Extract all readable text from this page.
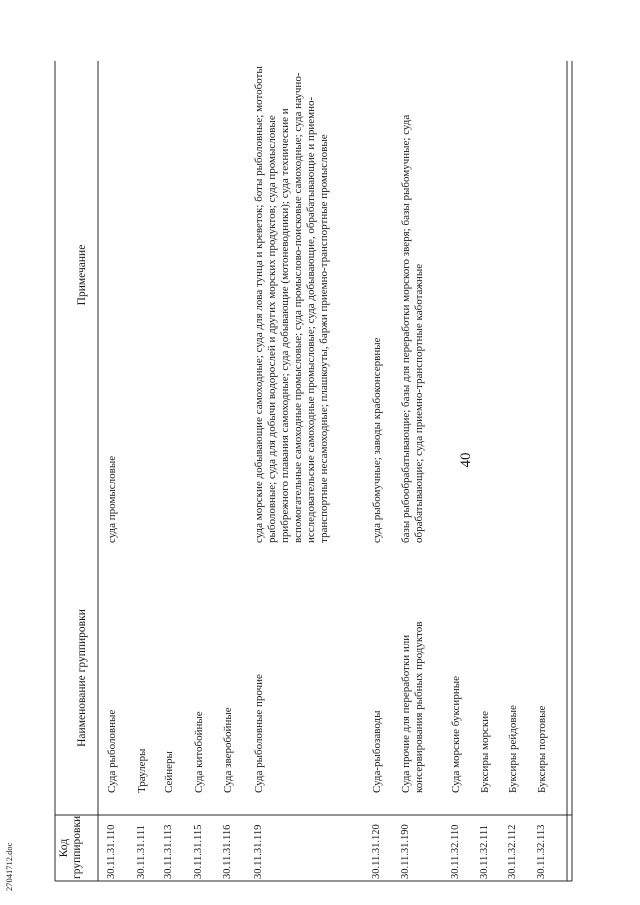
40
Код группировки
Наименование группировки
Примечание
30.11.31.110
Суда рыболовные
суда промысловые
30.11.31.111
Траулеры
30.11.31.113
Сейнеры
30.11.31.115
Суда китобойные
30.11.31.116
Суда зверобойные
30.11.31.119
Суда рыболовные прочие
суда морские добывающие самоходные; суда для лова тунца и креветок; боты рыболовные; мотоботы рыболовные; суда для добычи водорослей и других морских продуктов; суда промысловые прибрежного плавания самоходные; суда добывающие (мотоневодники); суда технические и вспомогательные самоходные промысловые; суда промыслово-поисковые самоходные; суда научно-исследовательские самоходные промысловые; суда добывающие, обрабатывающие и приемно-транспортные несамоходные; плашкоуты, баржи приемно-транспортные промысловые
30.11.31.120
Суда-рыбозаводы
суда рыбомучные; заводы крабоконсервные
30.11.31.190
Суда прочие для переработки или консервирования рыбных продуктов
базы рыбообрабатывающие; базы для переработки морского зверя; базы рыбомучные; суда обрабатывающие; суда приемно-транспортные каботажные
30.11.32.110
Суда морские буксирные
30.11.32.111
Буксиры морские
30.11.32.112
Буксиры рейдовые
30.11.32.113
Буксиры портовые
27041712.doc
